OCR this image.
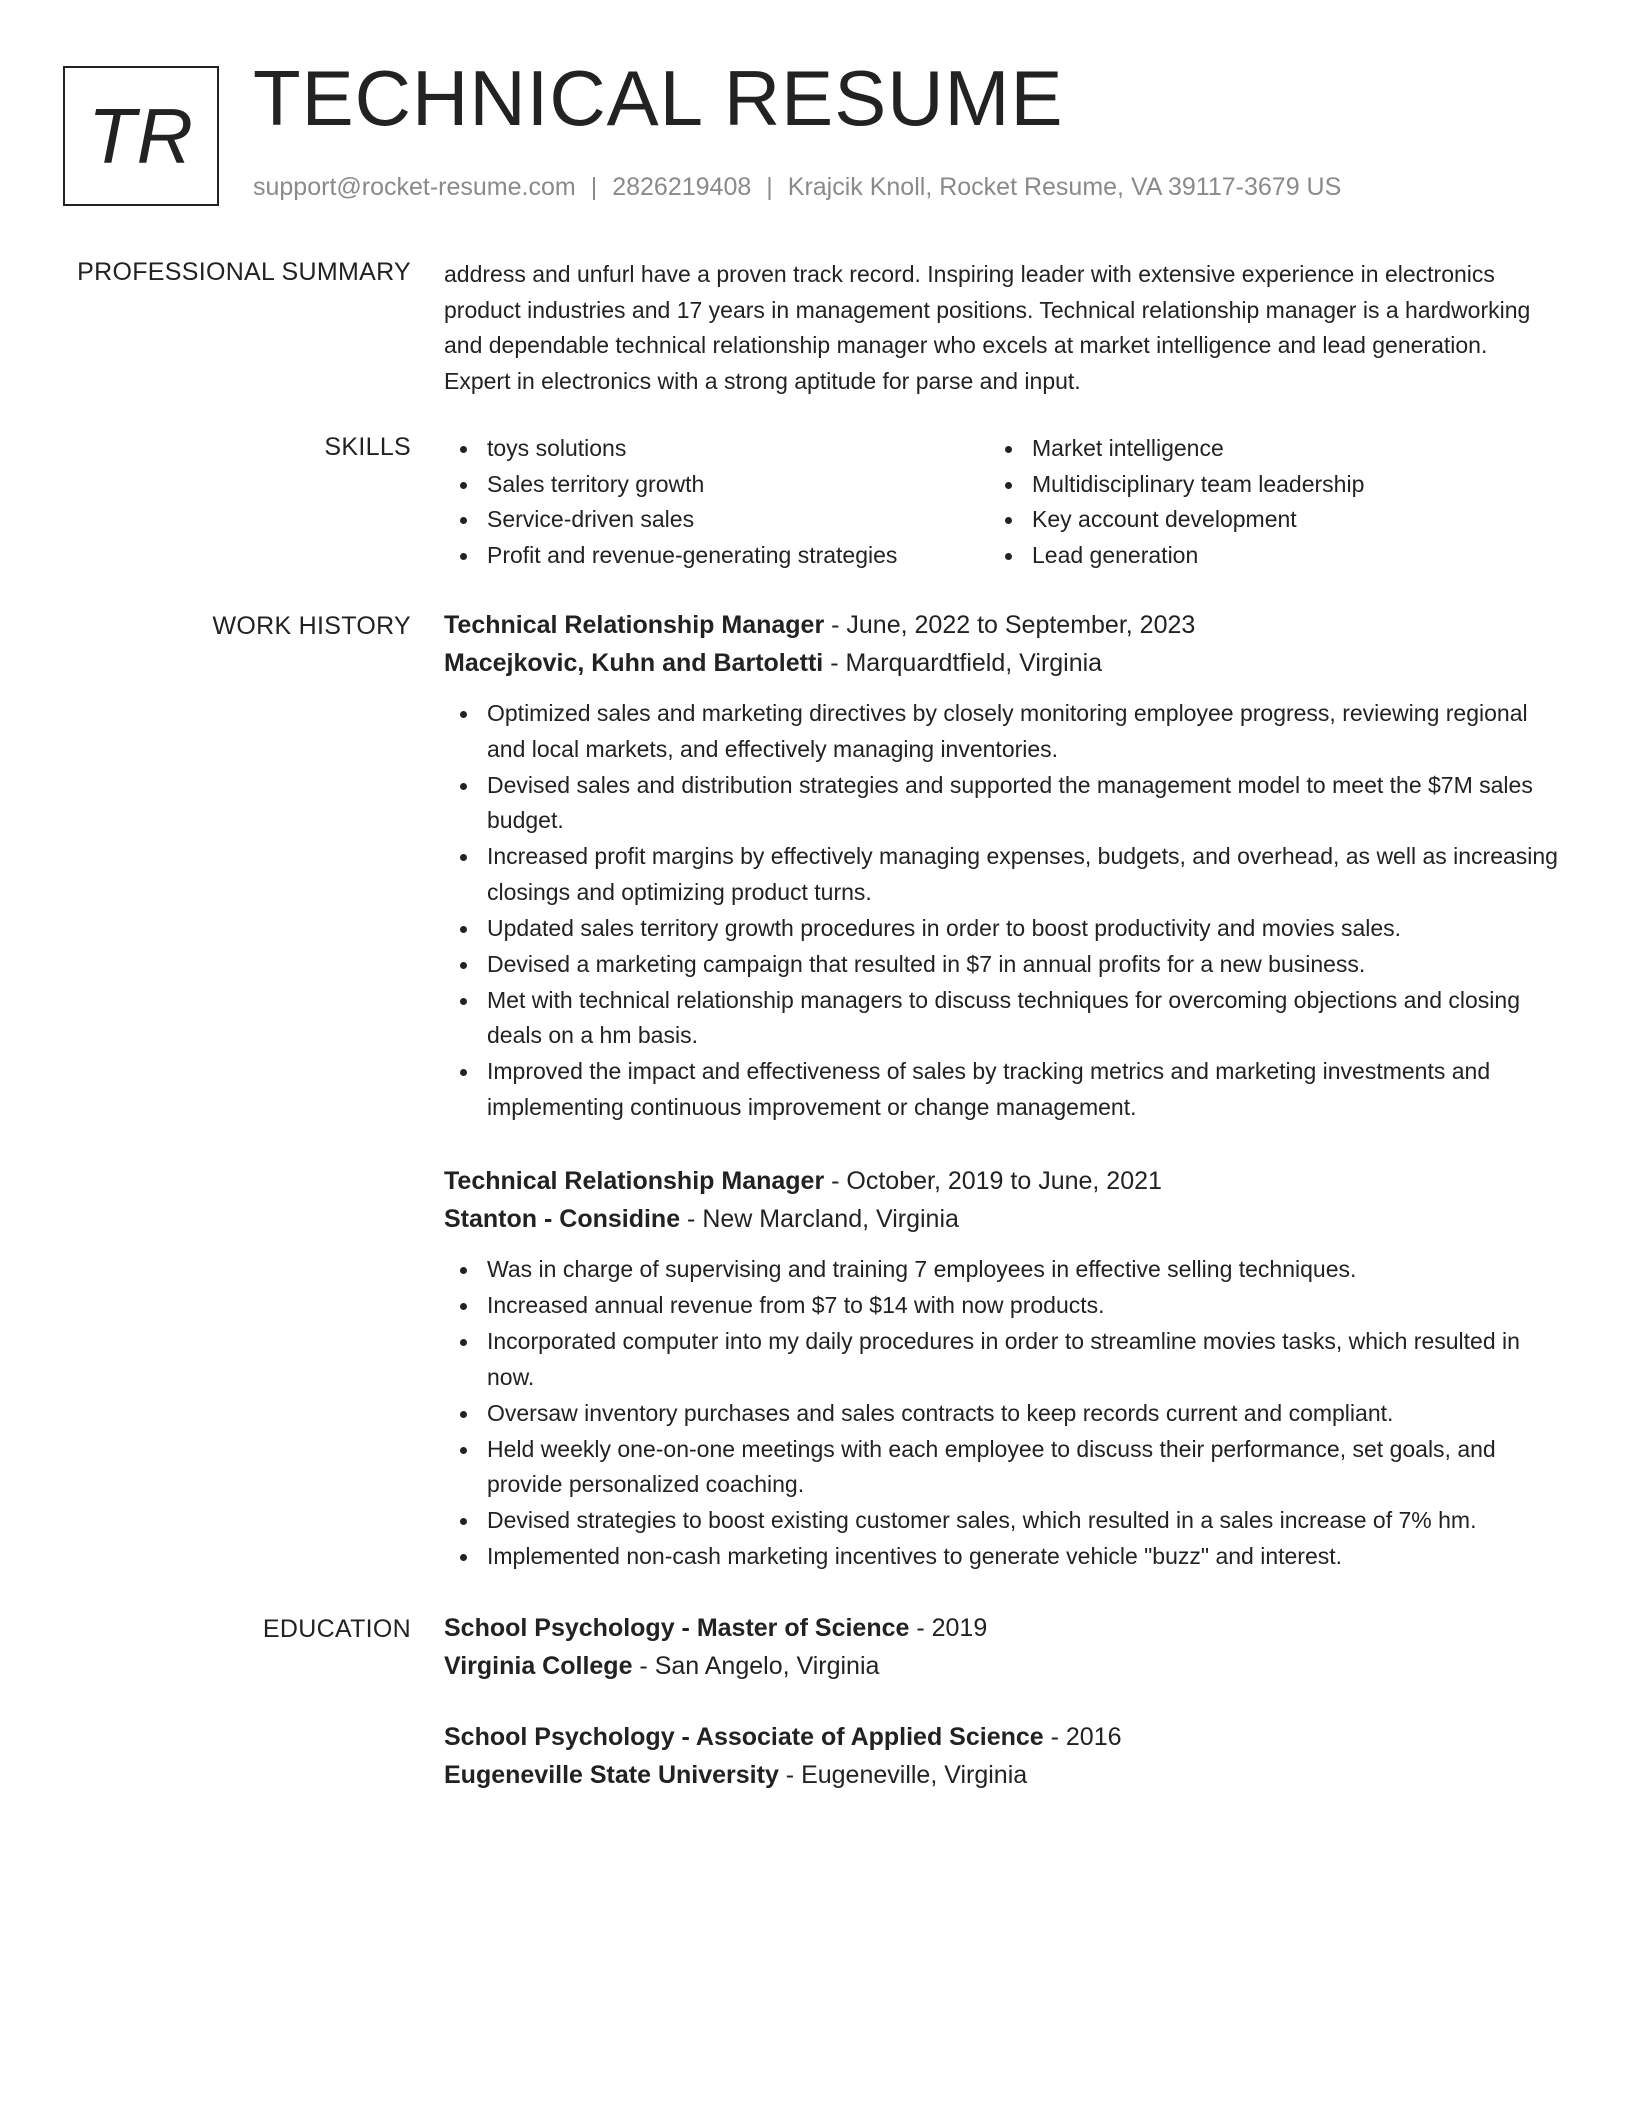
TR TECHNICAL RESUME
support@rocket-resume.com | 2826219408 | Krajcik Knoll, Rocket Resume, VA 39117-3679 US
PROFESSIONAL SUMMARY address and unfurl have a proven track record. Inspiring leader with extensive experience in electronics product industries and 17 years in management positions. Technical relationship manager is a hardworking and dependable technical relationship manager who excels at market intelligence and lead generation. Expert in electronics with a strong aptitude for parse and input.

SKILLS	toys solutions
Sales territory growth
Service-driven sales
Profit and revenue-generating strategies
Market intelligence
Multidisciplinary team leadership
Key account development
Lead generation
WORK HISTORY Technical Relationship Manager - June, 2022 to September, 2023
Macejkovic, Kuhn and Bartoletti - Marquardtfield, Virginia
Optimized sales and marketing directives by closely monitoring employee progress, reviewing regional and local markets, and effectively managing inventories.
Devised sales and distribution strategies and supported the management model to meet the $7M sales budget.
Increased profit margins by effectively managing expenses, budgets, and overhead, as well as increasing closings and optimizing product turns.
Updated sales territory growth procedures in order to boost productivity and movies sales.
Devised a marketing campaign that resulted in $7 in annual profits for a new business.
Met with technical relationship managers to discuss techniques for overcoming objections and closing deals on a hm basis.
Improved the impact and effectiveness of sales by tracking metrics and marketing investments and implementing continuous improvement or change management.
Technical Relationship Manager - October, 2019 to June, 2021
Stanton - Considine - New Marcland, Virginia
Was in charge of supervising and training 7 employees in effective selling techniques.
Increased annual revenue from $7 to $14 with now products.
Incorporated computer into my daily procedures in order to streamline movies tasks, which resulted in now.
Oversaw inventory purchases and sales contracts to keep records current and compliant.
Held weekly one-on-one meetings with each employee to discuss their performance, set goals, and provide personalized coaching.
Devised strategies to boost existing customer sales, which resulted in a sales increase of 7% hm.
Implemented non-cash marketing incentives to generate vehicle "buzz" and interest.
EDUCATION School Psychology - Master of Science - 2019
Virginia College - San Angelo, Virginia
School Psychology - Associate of Applied Science - 2016
Eugeneville State University - Eugeneville, Virginia
